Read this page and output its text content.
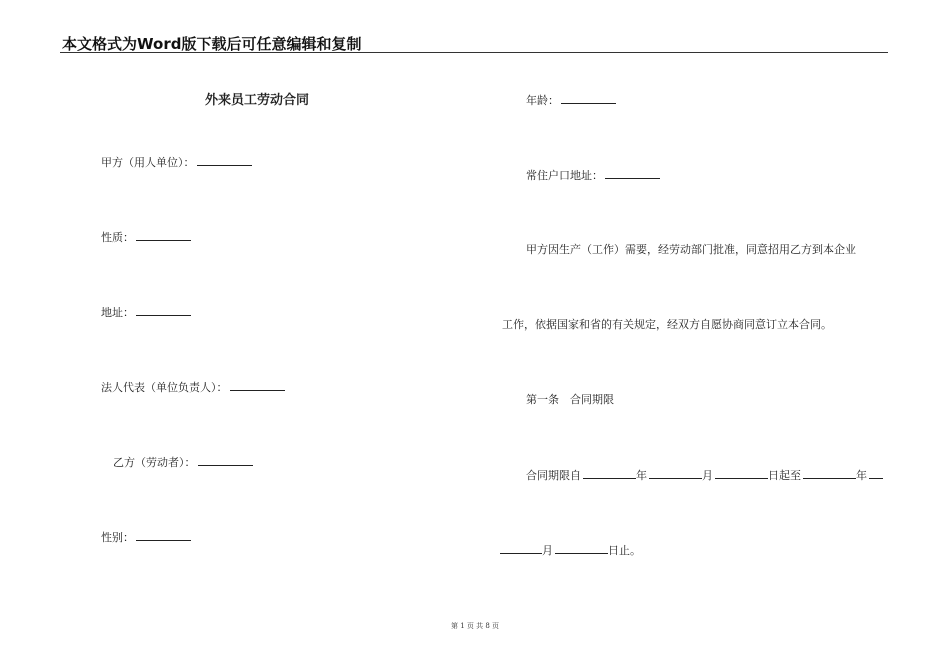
本文格式为Word版下载后可任意编辑和复制
外来员工劳动合同
甲方（用人单位）：
性质：
地址：
法人代表（单位负责人）：
乙方（劳动者）：
性别：
年龄：
常住户口地址：
甲方因生产（工作）需要，经劳动部门批准，同意招用乙方到本企业
工作，依据国家和省的有关规定，经双方自愿协商同意订立本合同。
第一条　合同期限
合同期限自	年	月	日起至	年
月	日止。
第 1 页 共 8 页
